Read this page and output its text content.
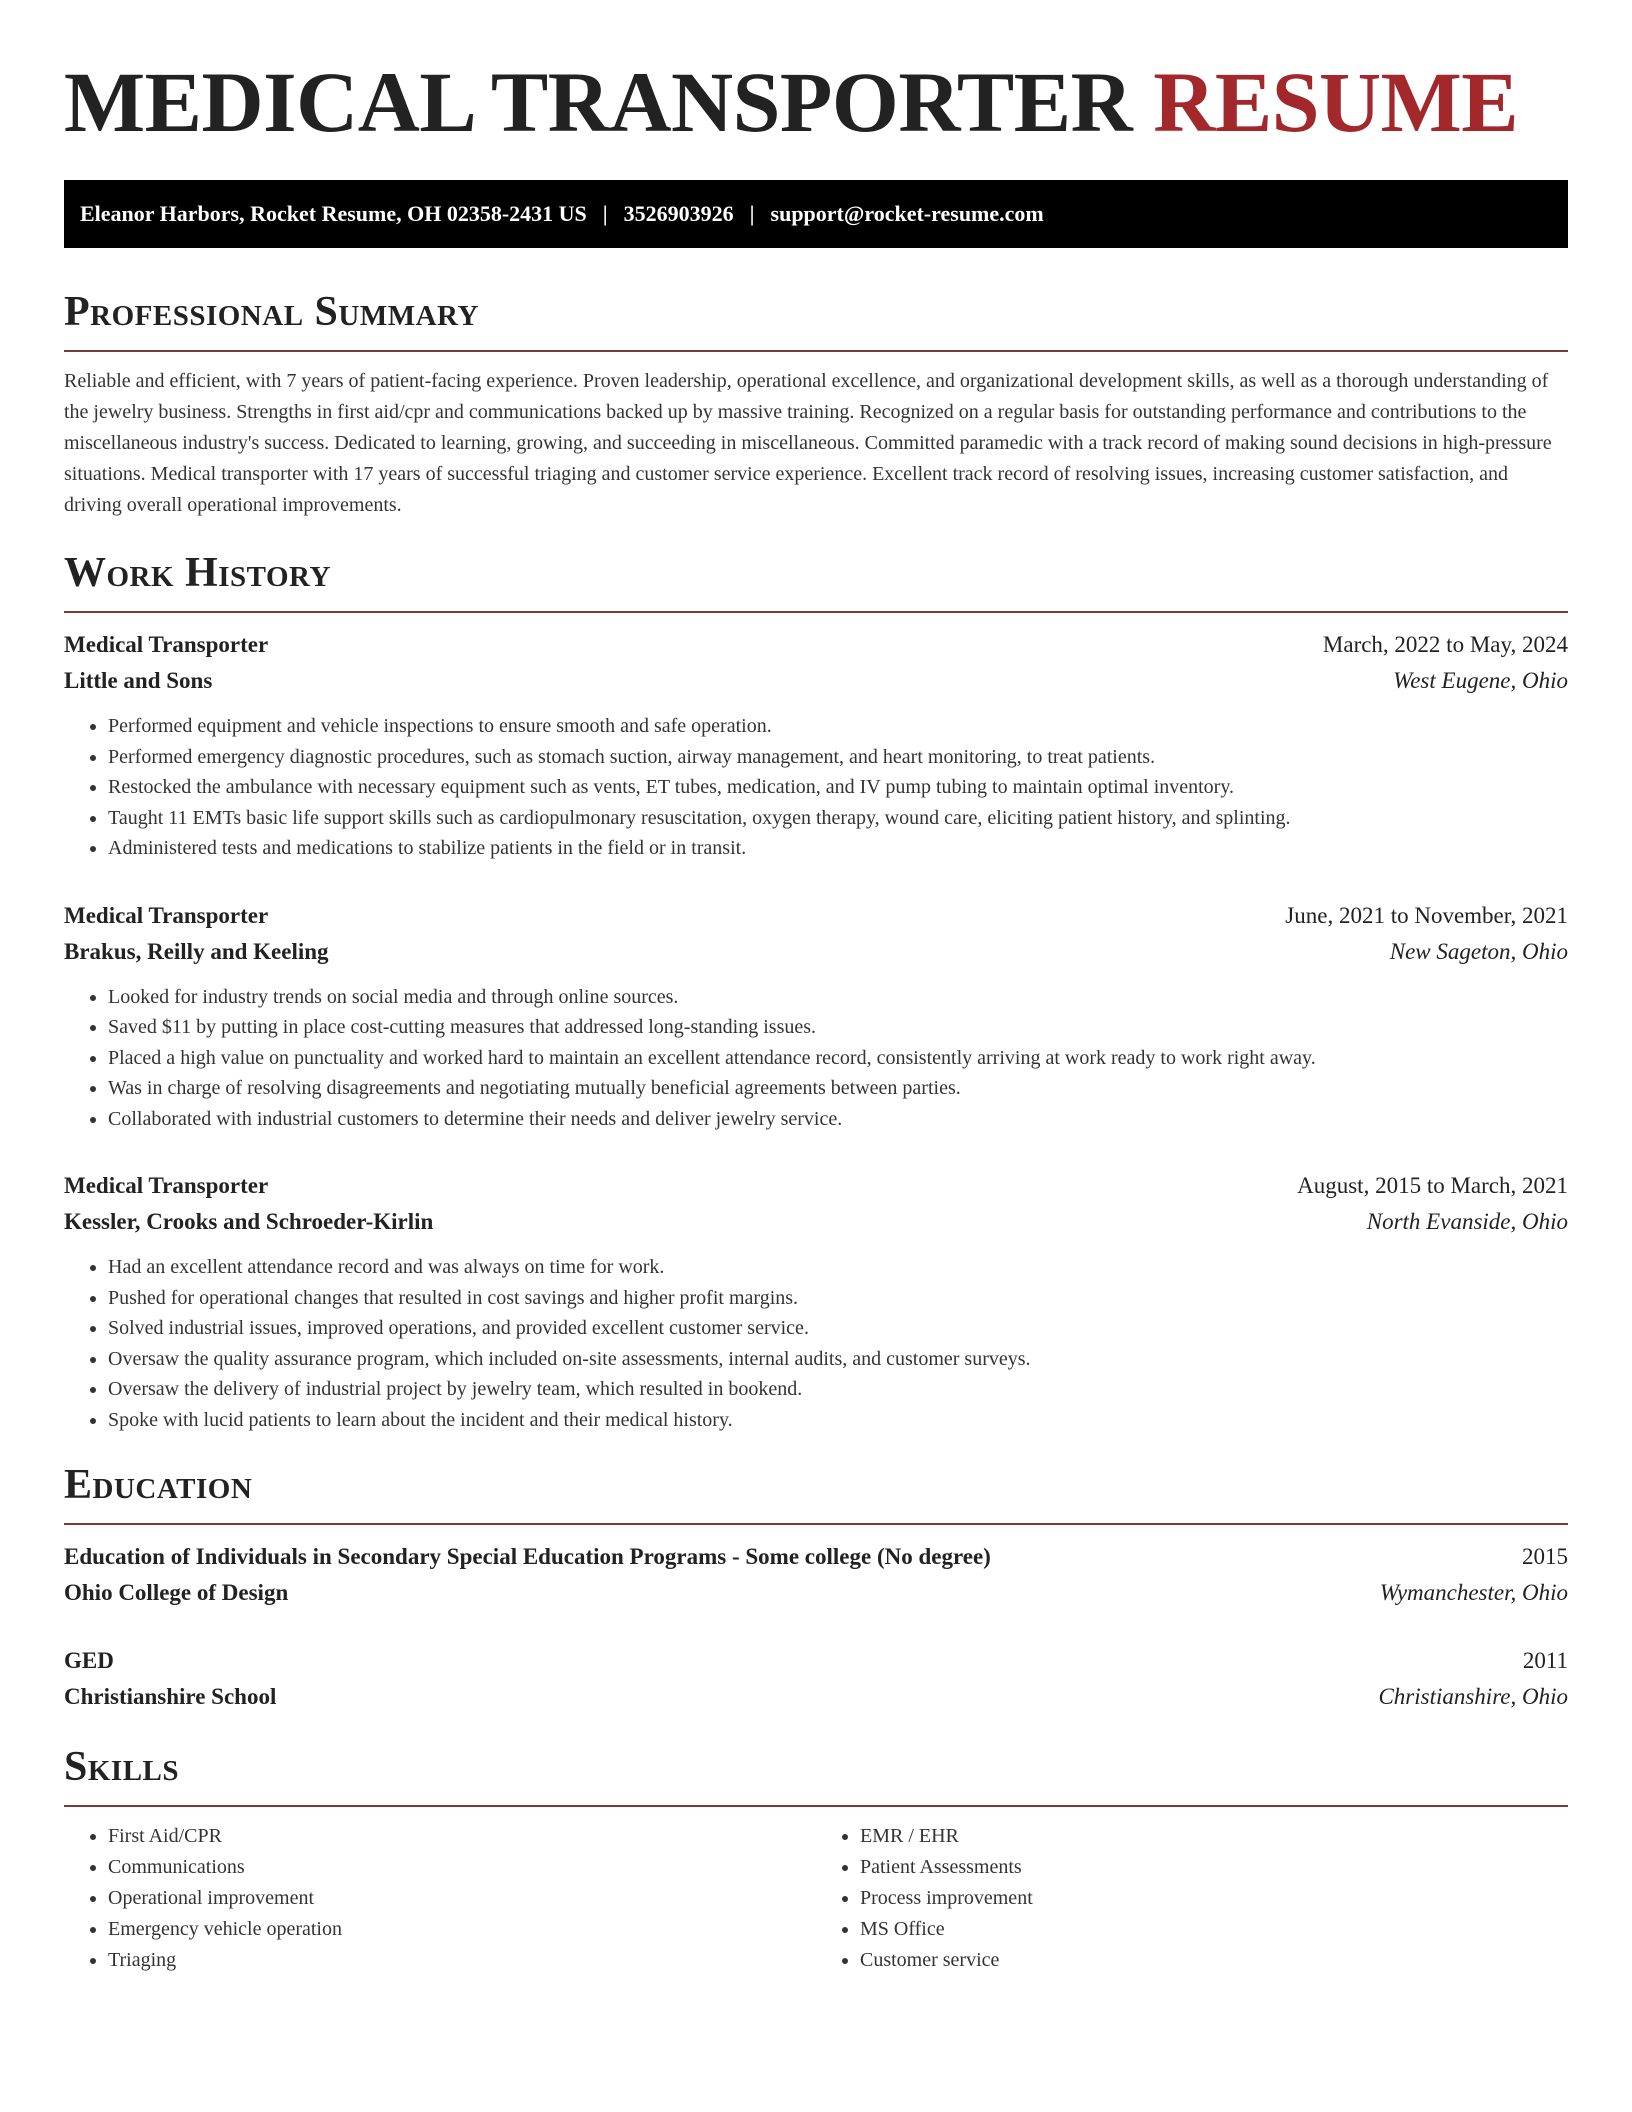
MEDICAL TRANSPORTER RESUME
Eleanor Harbors, Rocket Resume, OH 02358-2431 US | 3526903926 | support@rocket-resume.com
Professional Summary

Reliable and efficient, with 7 years of patient-facing experience. Proven leadership, operational excellence, and organizational development skills, as well as a thorough understanding of the jewelry business. Strengths in first aid/cpr and communications backed up by massive training. Recognized on a regular basis for outstanding performance and contributions to the miscellaneous industry's success. Dedicated to learning, growing, and succeeding in miscellaneous. Committed paramedic with a track record of making sound decisions in high-pressure situations. Medical transporter with 17 years of successful triaging and customer service experience. Excellent track record of resolving issues, increasing customer satisfaction, and driving overall operational improvements.

Work History
Medical Transporter	March, 2022 to May, 2024
Little and Sons	West Eugene, Ohio
• Performed equipment and vehicle inspections to ensure smooth and safe operation.
• Performed emergency diagnostic procedures, such as stomach suction, airway management, and heart monitoring, to treat patients.
• Restocked the ambulance with necessary equipment such as vents, ET tubes, medication, and IV pump tubing to maintain optimal inventory.
• Taught 11 EMTs basic life support skills such as cardiopulmonary resuscitation, oxygen therapy, wound care, eliciting patient history, and splinting.
• Administered tests and medications to stabilize patients in the field or in transit.
Medical Transporter	June, 2021 to November, 2021
Brakus, Reilly and Keeling	New Sageton, Ohio
• Looked for industry trends on social media and through online sources.
• Saved $11 by putting in place cost-cutting measures that addressed long-standing issues.
• Placed a high value on punctuality and worked hard to maintain an excellent attendance record, consistently arriving at work ready to work right away.
• Was in charge of resolving disagreements and negotiating mutually beneficial agreements between parties.
• Collaborated with industrial customers to determine their needs and deliver jewelry service.
Medical Transporter	August, 2015 to March, 2021
Kessler, Crooks and Schroeder-Kirlin	North Evanside, Ohio
• Had an excellent attendance record and was always on time for work.
• Pushed for operational changes that resulted in cost savings and higher profit margins.
• Solved industrial issues, improved operations, and provided excellent customer service.
• Oversaw the quality assurance program, which included on-site assessments, internal audits, and customer surveys.
• Oversaw the delivery of industrial project by jewelry team, which resulted in bookend.
• Spoke with lucid patients to learn about the incident and their medical history.
Education
Education of Individuals in Secondary Special Education Programs - Some college (No degree)	2015
Ohio College of Design	Wymanchester, Ohio
GED	2011
Christianshire School	Christianshire, Ohio
Skills
• First Aid/CPR
• Communications
• Operational improvement
• Emergency vehicle operation
• Triaging
• EMR / EHR
• Patient Assessments
• Process improvement
• MS Office
• Customer service
